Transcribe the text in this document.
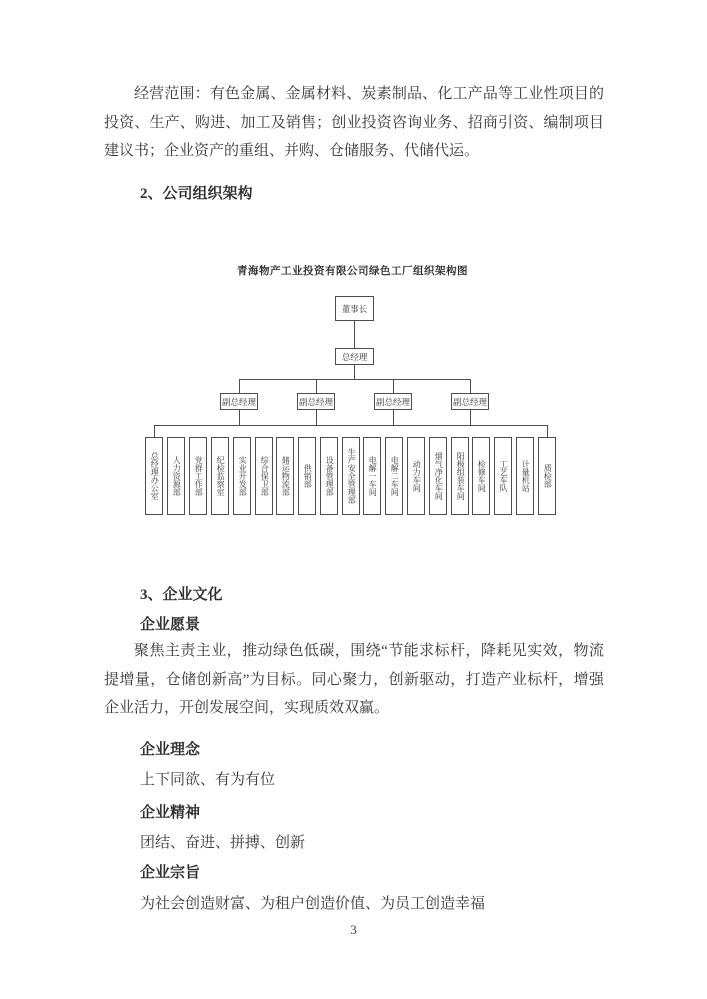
经营范围：有色金属、金属材料、炭素制品、化工产品等工业性项目的投资、生产、购进、加工及销售；创业投资咨询业务、招商引资、编制项目建议书；企业资产的重组、并购、仓储服务、代储代运。

2、公司组织架构
青海物产工业投资有限公司绿色工厂组织架构图
董事长
总经理
副总经理	副总经理	副总经理	副总经理
总经理办公室 人力资源部 党群工作部 纪检监察室 实业开发部 综合保卫部 储运物流部 供销部 设备管理部 生产安全管理部 电解一车间 电解二车间 动力车间 烟气净化车间 阳极组装车间 检修车间 工艺车队 计量机站 质检部
3、企业文化
企业愿景

聚焦主责主业，推动绿色低碳，围绕“节能求标杆，降耗见实效，物流提增量，仓储创新高”为目标。同心聚力，创新驱动，打造产业标杆，增强企业活力，开创发展空间，实现质效双赢。

企业理念

上下同欲、有为有位

企业精神

团结、奋进、拼搏、创新

企业宗旨

为社会创造财富、为租户创造价值、为员工创造幸福

3
